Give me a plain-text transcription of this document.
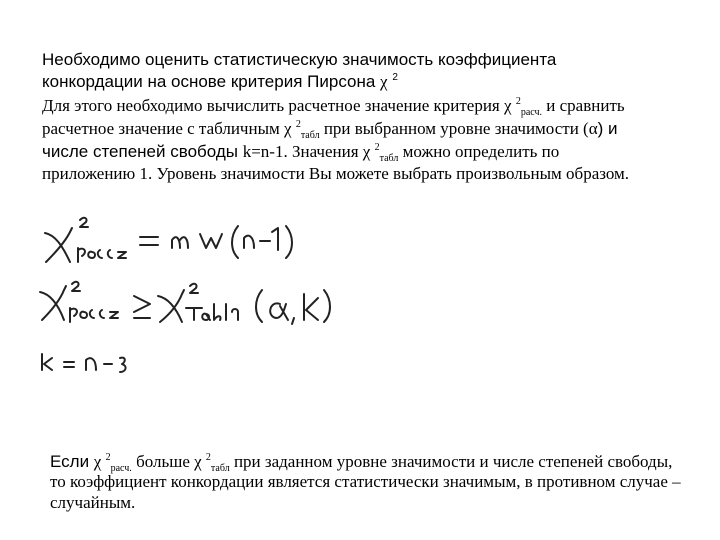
Необходимо оценить статистическую значимость коэффициента
конкордации на основе критерия Пирсона χ $^2$
Для этого необходимо вычислить расчетное значение критерия χ $^2_{расч.}$ и сравнить
расчетное значение с табличным χ $^2_{табл}$ при выбранном уровне значимости (α) и
числе степеней свободы k=n-1. Значения χ $^2_{табл}$ можно определить по
приложению 1. Уровень значимости Вы можете выбрать произвольным образом.
Если χ $^2_{расч.}$ больше χ $^2_{табл}$ при заданном уровне значимости и числе степеней свободы, то коэффициент конкордации является статистически значимым, в противном случае –случайным.
